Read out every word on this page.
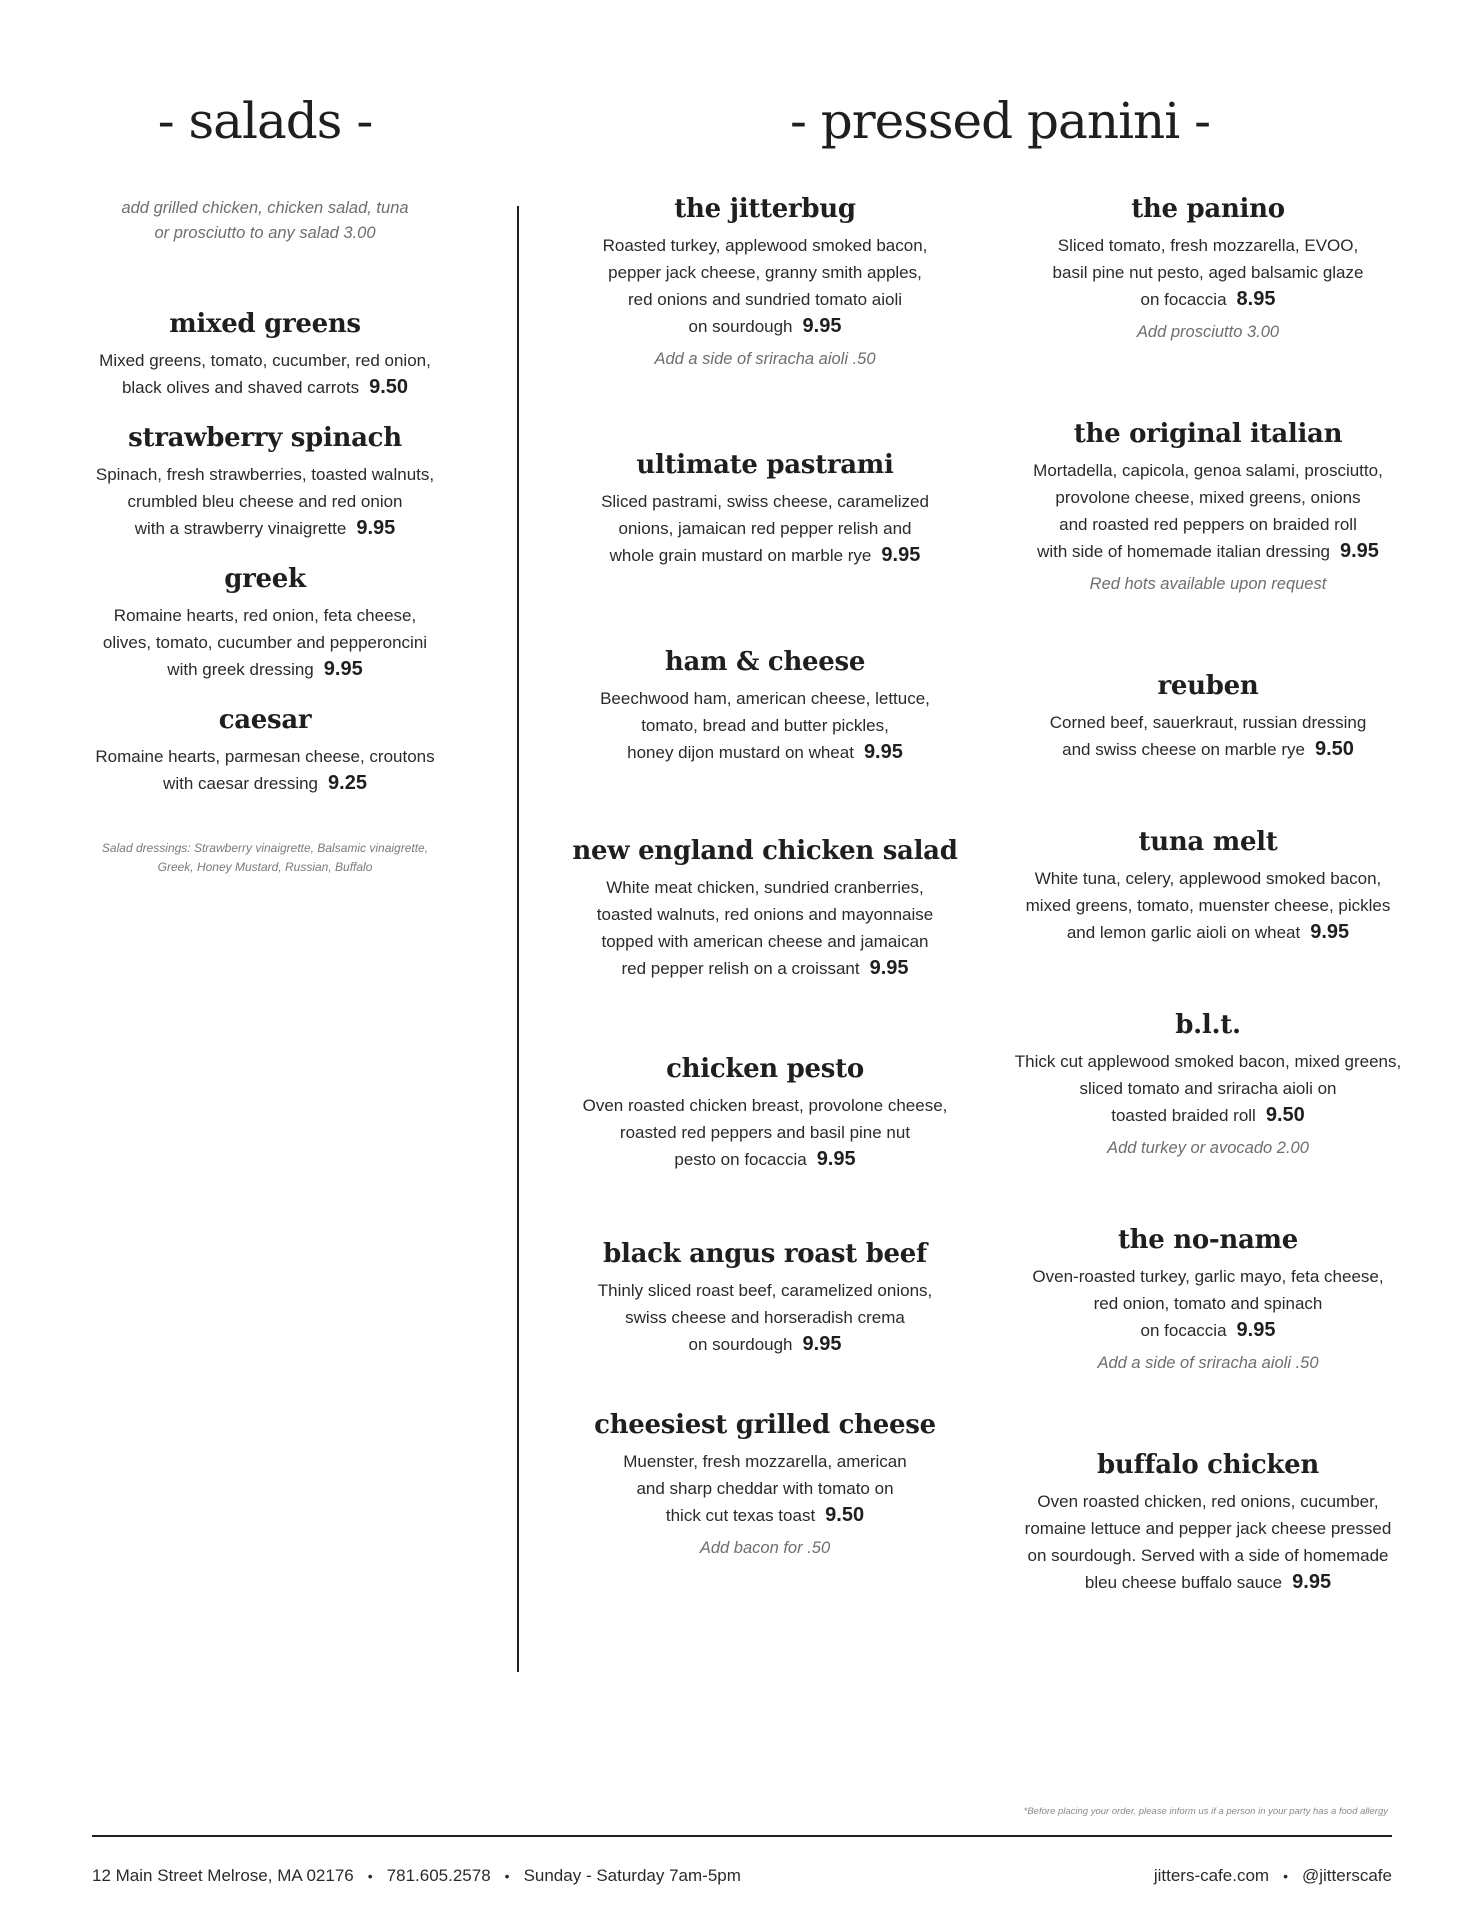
- salads -	- pressed panini -
add grilled chicken, chicken salad, tuna
or prosciutto to any salad 3.00
mixed greens
Mixed greens, tomato, cucumber, red onion,
black olives and shaved carrots 9.50
strawberry spinach
Spinach, fresh strawberries, toasted walnuts,
crumbled bleu cheese and red onion
with a strawberry vinaigrette 9.95
greek
Romaine hearts, red onion, feta cheese,
olives, tomato, cucumber and pepperoncini
with greek dressing 9.95
caesar
Romaine hearts, parmesan cheese, croutons
with caesar dressing 9.25
Salad dressings: Strawberry vinaigrette, Balsamic vinaigrette,
Greek, Honey Mustard, Russian, Buffalo
the jitterbug
Roasted turkey, applewood smoked bacon,
pepper jack cheese, granny smith apples,
red onions and sundried tomato aioli
on sourdough 9.95
Add a side of sriracha aioli .50
ultimate pastrami
Sliced pastrami, swiss cheese, caramelized
onions, jamaican red pepper relish and
whole grain mustard on marble rye 9.95
ham & cheese
Beechwood ham, american cheese, lettuce,
tomato, bread and butter pickles,
honey dijon mustard on wheat 9.95
new england chicken salad
White meat chicken, sundried cranberries,
toasted walnuts, red onions and mayonnaise
topped with american cheese and jamaican
red pepper relish on a croissant 9.95
chicken pesto
Oven roasted chicken breast, provolone cheese,
roasted red peppers and basil pine nut
pesto on focaccia 9.95
black angus roast beef
Thinly sliced roast beef, caramelized onions,
swiss cheese and horseradish crema
on sourdough 9.95
cheesiest grilled cheese
Muenster, fresh mozzarella, american
and sharp cheddar with tomato on
thick cut texas toast 9.50
Add bacon for .50
the panino
Sliced tomato, fresh mozzarella, EVOO,
basil pine nut pesto, aged balsamic glaze
on focaccia 8.95
Add prosciutto 3.00
the original italian
Mortadella, capicola, genoa salami, prosciutto,
provolone cheese, mixed greens, onions
and roasted red peppers on braided roll
with side of homemade italian dressing 9.95
Red hots available upon request
reuben
Corned beef, sauerkraut, russian dressing
and swiss cheese on marble rye 9.50
tuna melt
White tuna, celery, applewood smoked bacon,
mixed greens, tomato, muenster cheese, pickles
and lemon garlic aioli on wheat 9.95
b.l.t.
Thick cut applewood smoked bacon, mixed greens,
sliced tomato and sriracha aioli on
toasted braided roll 9.50
Add turkey or avocado 2.00
the no-name
Oven-roasted turkey, garlic mayo, feta cheese,
red onion, tomato and spinach
on focaccia 9.95
Add a side of sriracha aioli .50
buffalo chicken
Oven roasted chicken, red onions, cucumber,
romaine lettuce and pepper jack cheese pressed
on sourdough. Served with a side of homemade
bleu cheese buffalo sauce 9.95
*Before placing your order, please inform us if a person in your party has a food allergy
12 Main Street Melrose, MA 02176 • 781.605.2578 • Sunday - Saturday 7am-5pm	jitters-cafe.com • @jitterscafe
